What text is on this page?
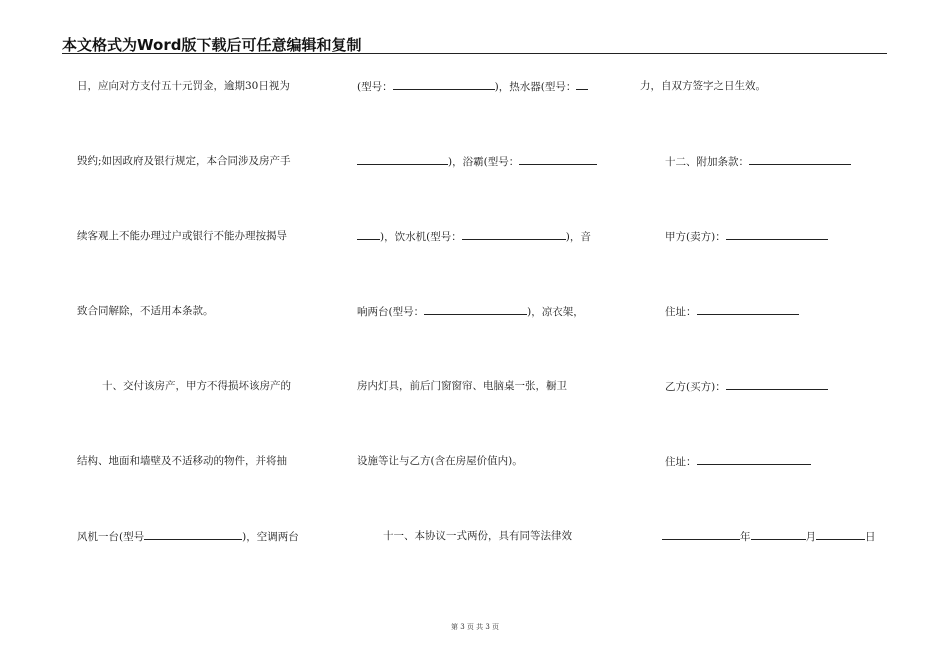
本文格式为Word版下载后可任意编辑和复制
日，应向对方支付五十元罚金，逾期30日视为
毁约;如因政府及银行规定，本合同涉及房产手
续客观上不能办理过户或银行不能办理按揭导
致合同解除，不适用本条款。
十、交付该房产，甲方不得损坏该房产的
结构、地面和墙壁及不适移动的物件，并将抽
风机一台(型号	)，空调两台
(型号：	)，热水器(型号：
)，浴霸(型号：
)，饮水机(型号：	)，音
响两台(型号：	)，凉衣架，
房内灯具，前后门窗窗帘、电脑桌一张，橱卫
设施等让与乙方(含在房屋价值内)。
十一、本协议一式两份，具有同等法律效
力，自双方签字之日生效。
十二、附加条款：
甲方(卖方)：
住址：
乙方(买方)：
住址：
年	月	日
第 3 页 共 3 页
